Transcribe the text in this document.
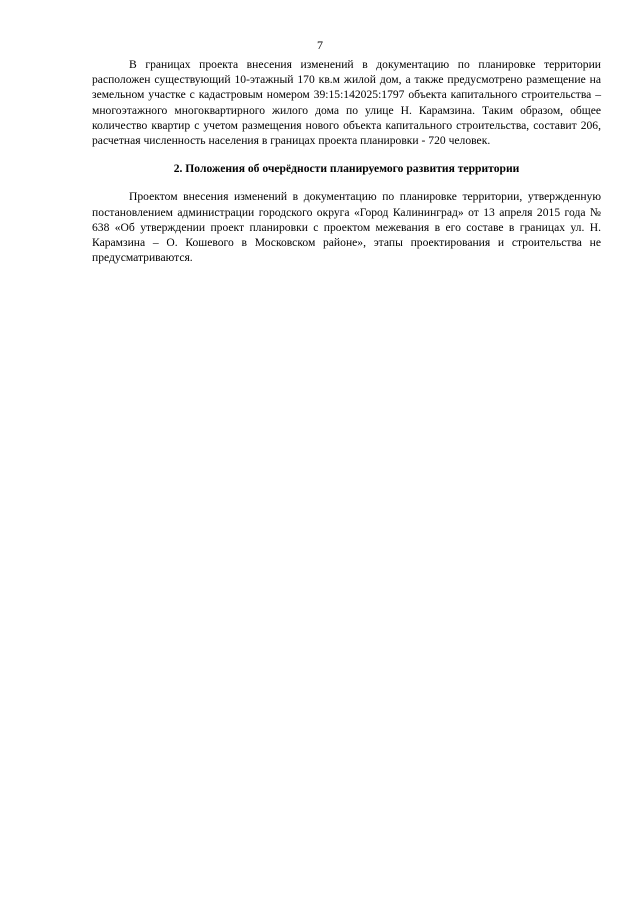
7

В границах проекта внесения изменений в документацию по планировке территории расположен существующий 10-этажный 170 кв.м жилой дом, а также предусмотрено размещение на земельном участке с кадастровым номером 39:15:142025:1797 объекта капитального строительства – многоэтажного многоквартирного жилого дома по улице Н. Карамзина. Таким образом, общее количество квартир с учетом размещения нового объекта капитального строительства, составит 206, расчетная численность населения в границах проекта планировки - 720 человек.

2. Положения об очерёдности планируемого развития территории

Проектом внесения изменений в документацию по планировке территории, утвержденную постановлением администрации городского округа «Город Калининград» от 13 апреля 2015 года № 638 «Об утверждении проект планировки с проектом межевания в его составе в границах ул. Н. Карамзина – О. Кошевого в Московском районе», этапы проектирования и строительства не предусматриваются.
